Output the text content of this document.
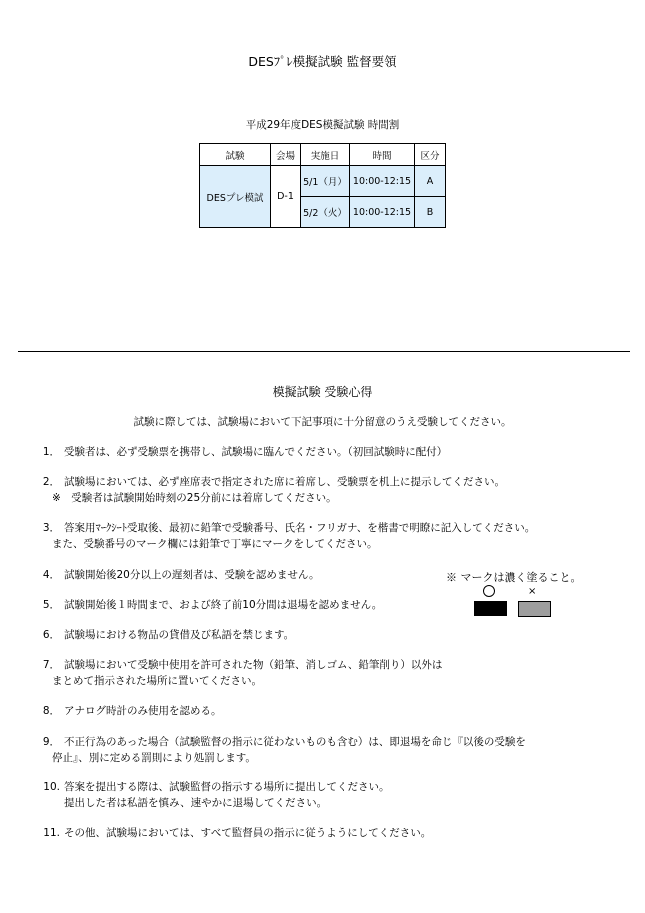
DESﾌﾟﾚ模擬試験 監督要領
平成29年度DES模擬試験 時間割
試験	会場	実施日	時間	区分
DESプレ模試	D-1	5/1（月）	10:00-12:15	A
		5/2（火）	10:00-12:15	B
模擬試験 受験心得
試験に際しては、試験場において下記事項に十分留意のうえ受験してください。
1． 受験者は、必ず受験票を携帯し、試験場に臨んでください。（初回試験時に配付）
2． 試験場においては、必ず座席表で指定された席に着席し、受験票を机上に提示してください。
※　受験者は試験開始時刻の25分前には着席してください。
3． 答案用ﾏｰｸｼｰﾄ受取後、最初に鉛筆で受験番号、氏名・フリガナ、を楷書で明瞭に記入してください。
また、受験番号のマーク欄には鉛筆で丁寧にマークをしてください。
4． 試験開始後20分以上の遅刻者は、受験を認めません。
5． 試験開始後１時間まで、および終了前10分間は退場を認めません。
6． 試験場における物品の貸借及び私語を禁じます。
7． 試験場において受験中使用を許可された物（鉛筆、消しゴム、鉛筆削り）以外は
まとめて指示された場所に置いてください。
8． アナログ時計のみ使用を認める。
9． 不正行為のあった場合（試験監督の指示に従わないものも含む）は、即退場を命じ『以後の受験を
停止』、別に定める罰則により処罰します。
10. 答案を提出する際は、試験監督の指示する場所に提出してください。
提出した者は私語を慎み、速やかに退場してください。
11. その他、試験場においては、すべて監督員の指示に従うようにしてください。
※ マークは濃く塗ること。
×
